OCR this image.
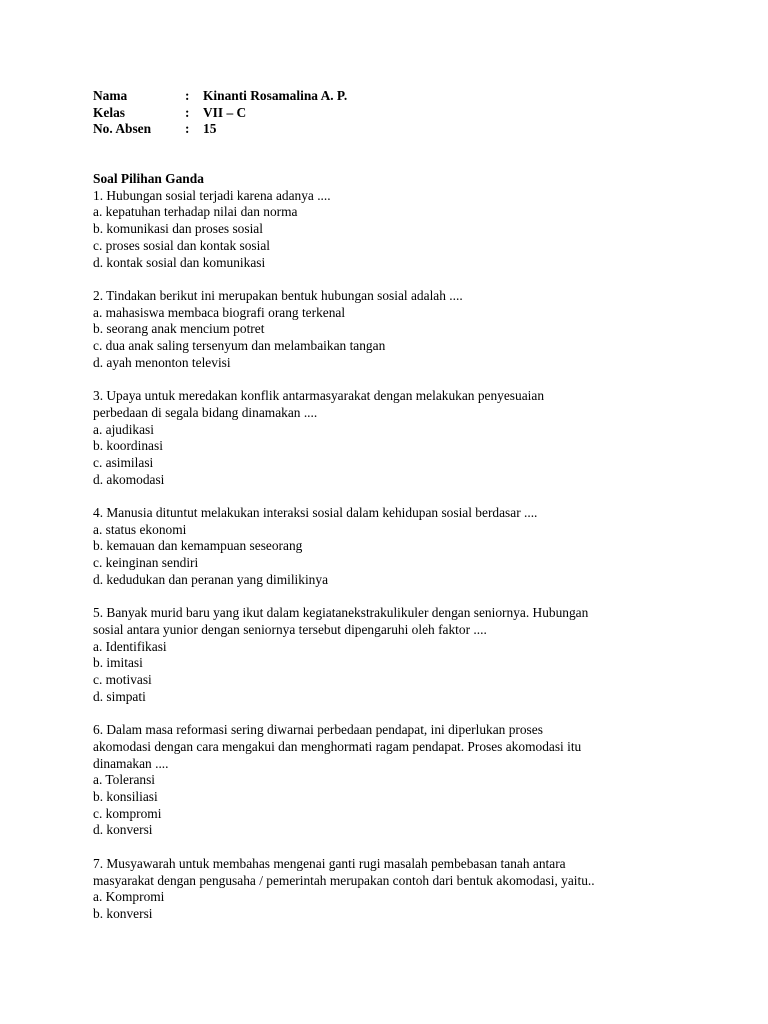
Nama	:	Kinanti Rosamalina A. P.
Kelas	:	VII – C
No. Absen	:	15
Soal Pilihan Ganda
1. Hubungan sosial terjadi karena adanya ....
a. kepatuhan terhadap nilai dan norma
b. komunikasi dan proses sosial
c. proses sosial dan kontak sosial
d. kontak sosial dan komunikasi
2. Tindakan berikut ini merupakan bentuk hubungan sosial adalah ....
a. mahasiswa membaca biografi orang terkenal
b. seorang anak mencium potret
c. dua anak saling tersenyum dan melambaikan tangan
d. ayah menonton televisi
3. Upaya untuk meredakan konflik antarmasyarakat dengan melakukan penyesuaian
perbedaan di segala bidang dinamakan ....
a. ajudikasi
b. koordinasi
c. asimilasi
d. akomodasi
4. Manusia dituntut melakukan interaksi sosial dalam kehidupan sosial berdasar ....
a. status ekonomi
b. kemauan dan kemampuan seseorang
c. keinginan sendiri
d. kedudukan dan peranan yang dimilikinya
5. Banyak murid baru yang ikut dalam kegiatanekstrakulikuler dengan seniornya. Hubungan
sosial antara yunior dengan seniornya tersebut dipengaruhi oleh faktor ....
a. Identifikasi
b. imitasi
c. motivasi
d. simpati
6. Dalam masa reformasi sering diwarnai perbedaan pendapat, ini diperlukan proses
akomodasi dengan cara mengakui dan menghormati ragam pendapat. Proses akomodasi itu
dinamakan ....
a. Toleransi
b. konsiliasi
c. kompromi
d. konversi
7. Musyawarah untuk membahas mengenai ganti rugi masalah pembebasan tanah antara
masyarakat dengan pengusaha / pemerintah merupakan contoh dari bentuk akomodasi, yaitu..
a. Kompromi
b. konversi
